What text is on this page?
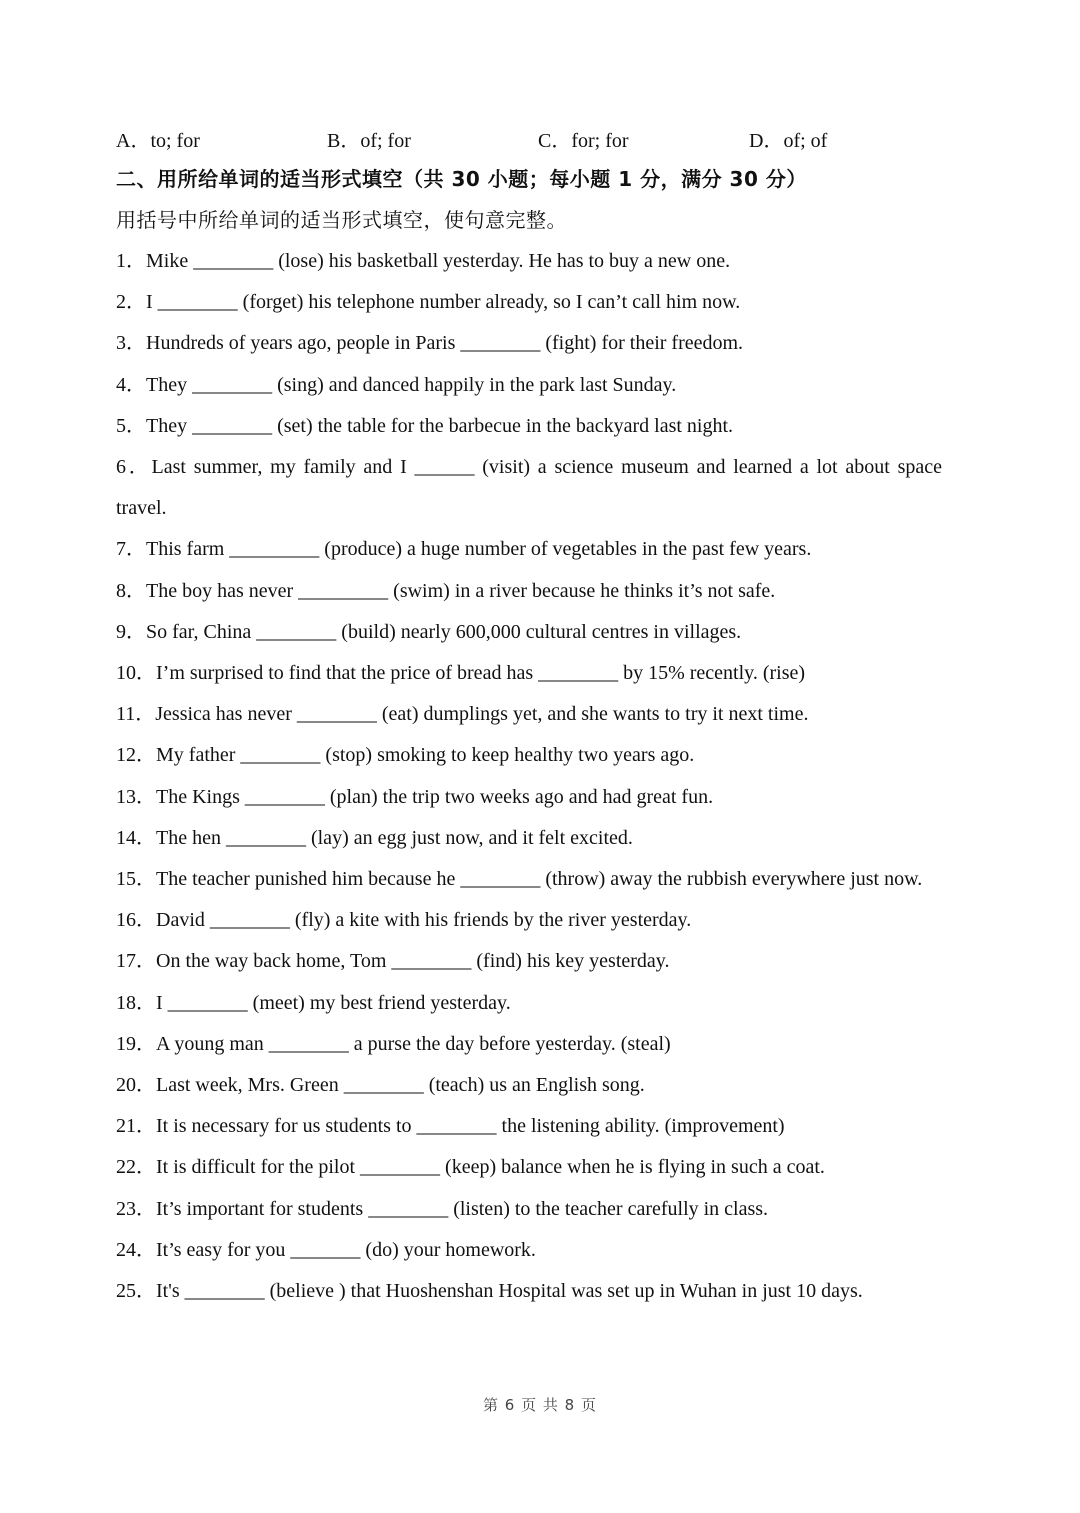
A．to; for	B．of; for	C．for; for	D．of; of
二、用所给单词的适当形式填空（共 30 小题；每小题 1 分，满分 30 分）
用括号中所给单词的适当形式填空，使句意完整。

1．Mike ________ (lose) his basketball yesterday. He has to buy a new one.

2．I ________ (forget) his telephone number already, so I can’t call him now.

3．Hundreds of years ago, people in Paris ________ (fight) for their freedom.

4．They ________ (sing) and danced happily in the park last Sunday.

5．They ________ (set) the table for the barbecue in the backyard last night.

6．Last summer, my family and I ______ (visit) a science museum and learned a lot about space travel.

7．This farm _________ (produce) a huge number of vegetables in the past few years.

8．The boy has never _________ (swim) in a river because he thinks it’s not safe.

9．So far, China ________ (build) nearly 600,000 cultural centres in villages.

10．I’m surprised to find that the price of bread has ________ by 15% recently. (rise)

11．Jessica has never ________ (eat) dumplings yet, and she wants to try it next time.

12．My father ________ (stop) smoking to keep healthy two years ago.

13．The Kings ________ (plan) the trip two weeks ago and had great fun.

14．The hen ________ (lay) an egg just now, and it felt excited.

15．The teacher punished him because he ________ (throw) away the rubbish everywhere just now.

16．David ________ (fly) a kite with his friends by the river yesterday.

17．On the way back home, Tom ________ (find) his key yesterday.

18．I ________ (meet) my best friend yesterday.

19．A young man ________ a purse the day before yesterday. (steal)

20．Last week, Mrs. Green ________ (teach) us an English song.

21．It is necessary for us students to ________ the listening ability. (improvement)

22．It is difficult for the pilot ________ (keep) balance when he is flying in such a coat.

23．It’s important for students ________ (listen) to the teacher carefully in class.

24．It’s easy for you _______ (do) your homework.

25．It's ________ (believe ) that Huoshenshan Hospital was set up in Wuhan in just 10 days.

第 6 页 共 8 页
